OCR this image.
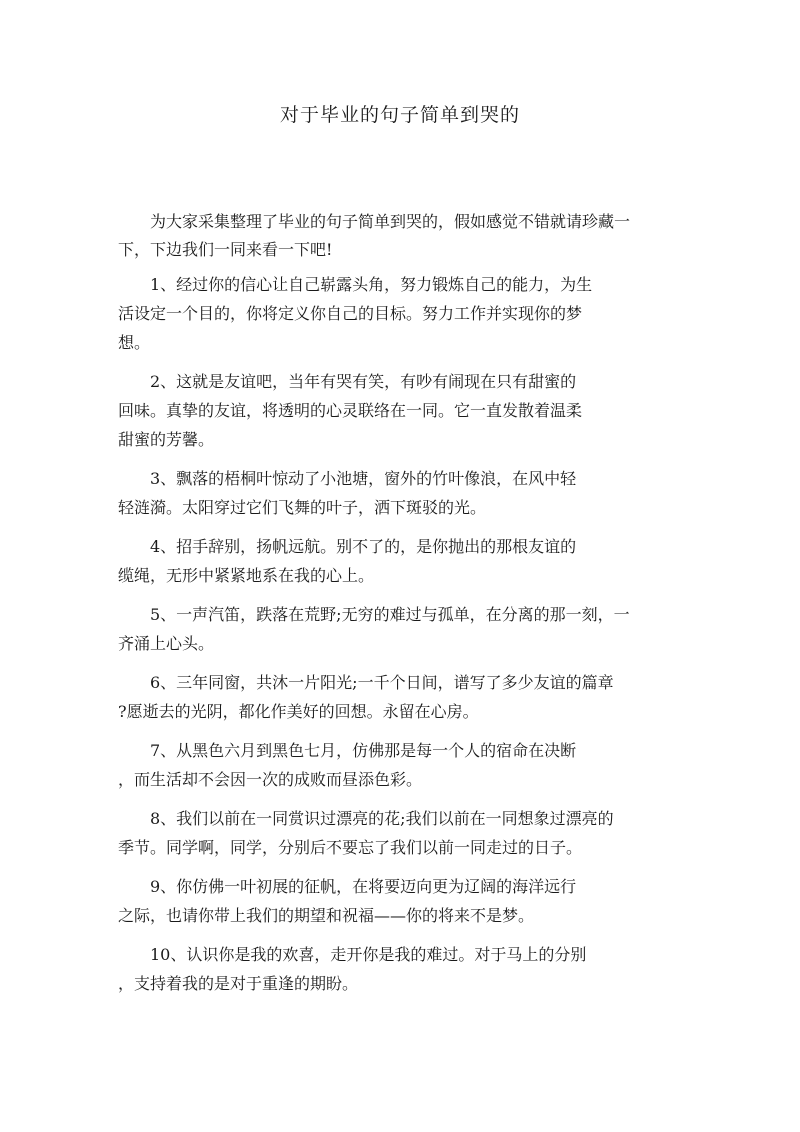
对于毕业的句子简单到哭的
为大家采集整理了毕业的句子简单到哭的，假如感觉不错就请珍藏一下，下边我们一同来看一下吧!
1、经过你的信心让自己崭露头角，努力锻炼自己的能力，为生
活设定一个目的，你将定义你自己的目标。努力工作并实现你的梦
想。
2、这就是友谊吧，当年有哭有笑，有吵有闹现在只有甜蜜的
回味。真挚的友谊，将透明的心灵联络在一同。它一直发散着温柔
甜蜜的芳馨。
3、飘落的梧桐叶惊动了小池塘，窗外的竹叶像浪，在风中轻
轻涟漪。太阳穿过它们飞舞的叶子，洒下斑驳的光。
4、招手辞别，扬帆远航。别不了的，是你抛出的那根友谊的
缆绳，无形中紧紧地系在我的心上。
5、一声汽笛，跌落在荒野;无穷的难过与孤单，在分离的那一刻，一
齐涌上心头。
6、三年同窗，共沐一片阳光;一千个日间，谱写了多少友谊的篇章
?愿逝去的光阴，都化作美好的回想。永留在心房。
7、从黑色六月到黑色七月，仿佛那是每一个人的宿命在决断
，而生活却不会因一次的成败而昼添色彩。
8、我们以前在一同赏识过漂亮的花;我们以前在一同想象过漂亮的
季节。同学啊，同学，分别后不要忘了我们以前一同走过的日子。
9、你仿佛一叶初展的征帆，在将要迈向更为辽阔的海洋远行
之际，也请你带上我们的期望和祝福——你的将来不是梦。
10、认识你是我的欢喜，走开你是我的难过。对于马上的分别
，支持着我的是对于重逢的期盼。
